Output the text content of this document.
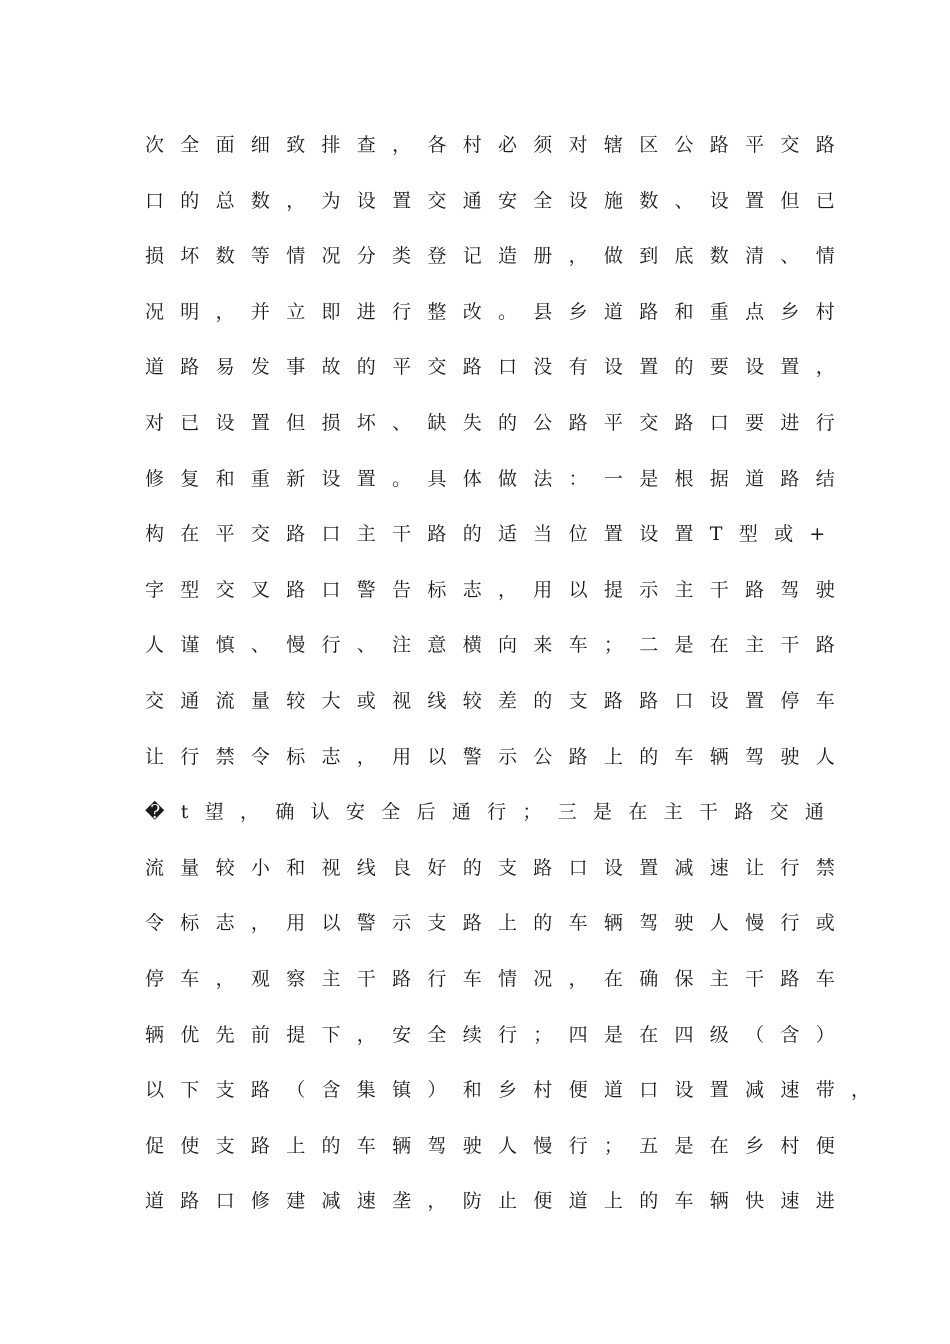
次全面细致排查，各村必须对辖区公路平交路
口的总数，为设置交通安全设施数、设置但已
损坏数等情况分类登记造册，做到底数清、情
况明，并立即进行整改。县乡道路和重点乡村
道路易发事故的平交路口没有设置的要设置，
对已设置但损坏、缺失的公路平交路口要进行
修复和重新设置。具体做法：一是根据道路结
构在平交路口主干路的适当位置设置T型或+
字型交叉路口警告标志，用以提示主干路驾驶
人谨慎、慢行、注意横向来车；二是在主干路
交通流量较大或视线较差的支路路口设置停车
让行禁令标志，用以警示公路上的车辆驾驶人
�t望，确认安全后通行；三是在主干路交通
流量较小和视线良好的支路口设置减速让行禁
令标志，用以警示支路上的车辆驾驶人慢行或
停车，观察主干路行车情况，在确保主干路车
辆优先前提下，安全续行；四是在四级（含）
以下支路（含集镇）和乡村便道口设置减速带，
促使支路上的车辆驾驶人慢行；五是在乡村便
道路口修建减速垄，防止便道上的车辆快速进
